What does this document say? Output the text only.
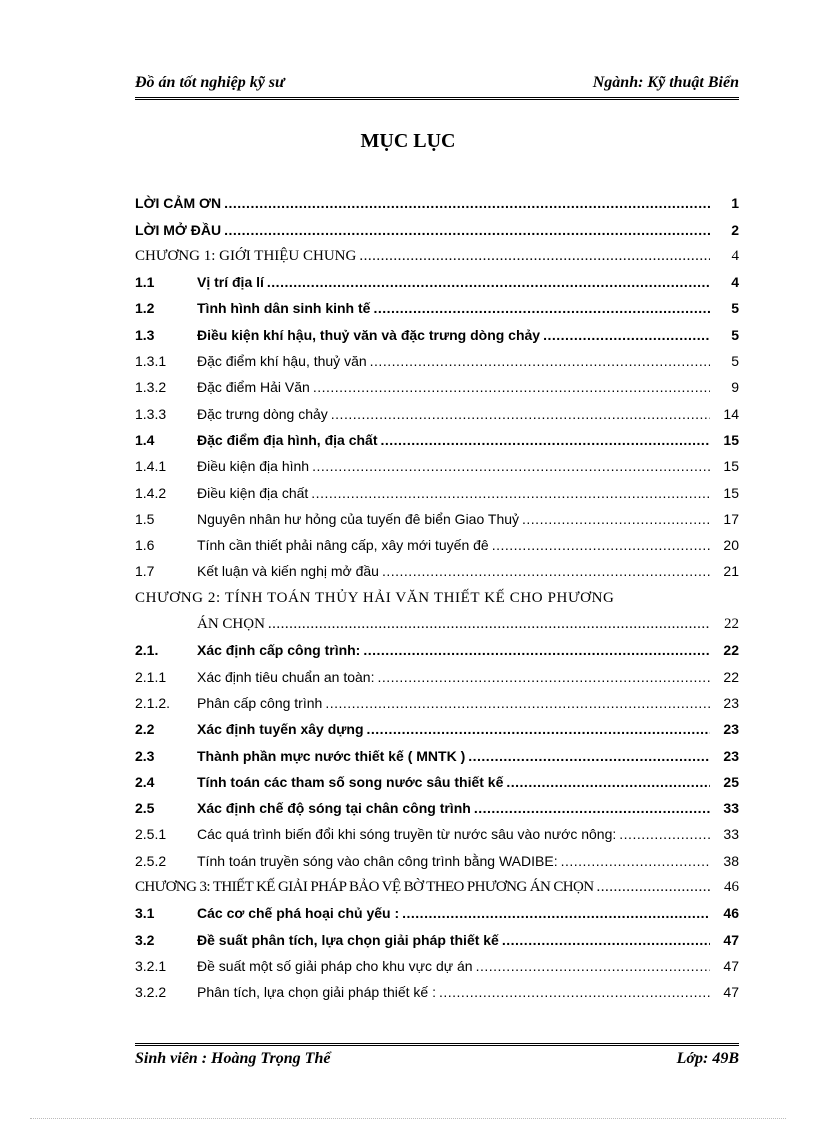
Đồ án tốt nghiệp kỹ sư	Ngành: Kỹ thuật Biển
MỤC LỤC
LỜI CẢM ƠN .....	1
LỜI MỞ ĐẦU .....	2
CHƯƠNG 1: GIỚI THIỆU CHUNG .....	4
1.1	Vị trí địa lí .....	4
1.2	Tình hình dân sinh kinh tế .....	5
1.3	Điều kiện khí hậu, thuỷ văn và đặc trưng dòng chảy .....	5
1.3.1	Đặc điểm khí hậu, thuỷ văn .....	5
1.3.2	Đặc điểm Hải Văn .....	9
1.3.3	Đặc trưng dòng chảy .....	14
1.4	Đặc điểm địa hình, địa chất .....	15
1.4.1	Điều kiện địa hình .....	15
1.4.2	Điều kiện địa chất .....	15
1.5	Nguyên nhân hư hỏng của tuyến đê biển Giao Thuỷ .....	17
1.6	Tính cần thiết phải nâng cấp, xây mới tuyến đê .....	20
1.7	Kết luận và kiến nghị mở đầu .....	21
CHƯƠNG 2: TÍNH TOÁN THỦY HẢI VĂN THIẾT KẾ CHO PHƯƠNG
ÁN CHỌN .....	22
2.1.	Xác định cấp công trình: .....	22
2.1.1	Xác định tiêu chuẩn an toàn: .....	22
2.1.2.	Phân cấp công trình .....	23
2.2	Xác định tuyến xây dựng .....	23
2.3	Thành phần mực nước thiết kế ( MNTK ) .....	23
2.4	Tính toán các tham số song nước sâu thiết kế .....	25
2.5	Xác định chế độ sóng tại chân công trình .....	33
2.5.1	Các quá trình biến đổi khi sóng truyền từ nước sâu vào nước nông: .....	33
2.5.2	Tính toán truyền sóng vào chân công trình bằng WADIBE: .....	38
CHƯƠNG 3: THIẾT KẾ GIẢI PHÁP BẢO VỆ BỜ THEO PHƯƠNG ÁN CHỌN .....	46
3.1	Các cơ chế phá hoại chủ yếu : .....	46
3.2	Đề suất phân tích, lựa chọn giải pháp thiết kế .....	47
3.2.1	Đề suất một số giải pháp cho khu vực dự án .....	47
3.2.2	Phân tích, lựa chọn giải pháp thiết kế : .....	47
Sinh viên : Hoàng Trọng Thể	Lớp: 49B
